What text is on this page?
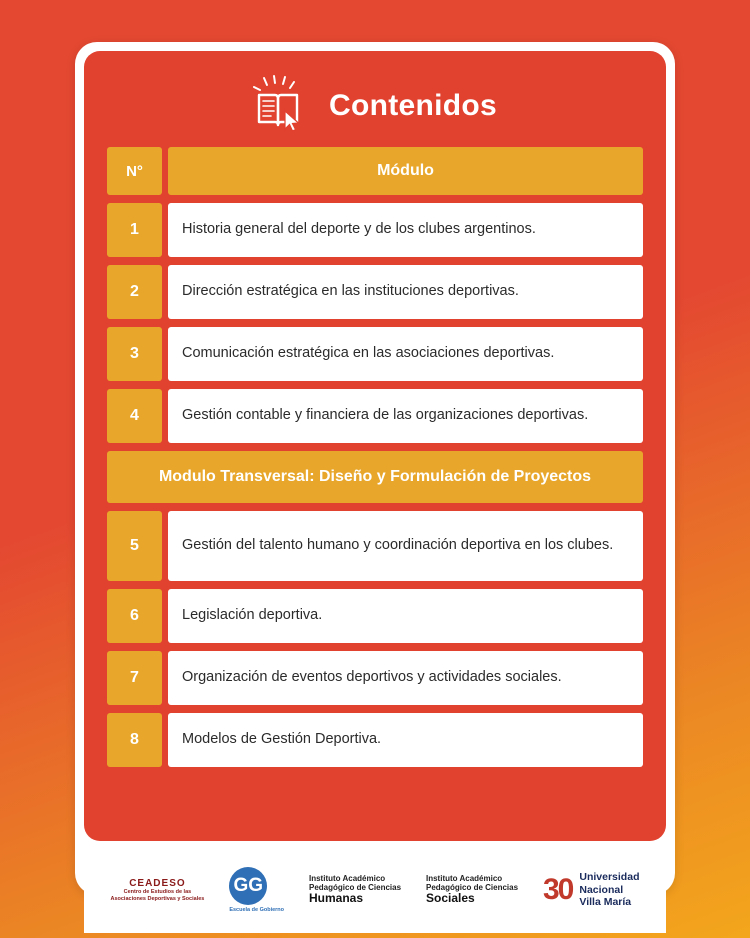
Contenidos
N°	Módulo
1	Historia general del deporte y de los clubes argentinos.
2	Dirección estratégica en las instituciones deportivas.
3	Comunicación estratégica en las asociaciones deportivas.
4	Gestión contable y financiera de las organizaciones deportivas.
Modulo Transversal: Diseño y Formulación de Proyectos
5	Gestión del talento humano y coordinación deportiva en los clubes.
6	Legislación deportiva.
7	Organización de eventos deportivos y actividades sociales.
8	Modelos de Gestión Deportiva.
CEADESO
Centro de Estudios de las
Asociaciones Deportivas y Sociales
GG
Escuela de Gobierno
Instituto Académico
Pedagógico de Ciencias
Humanas
Instituto Académico
Pedagógico de Ciencias
Sociales	30 Universidad
Nacional
Villa María
